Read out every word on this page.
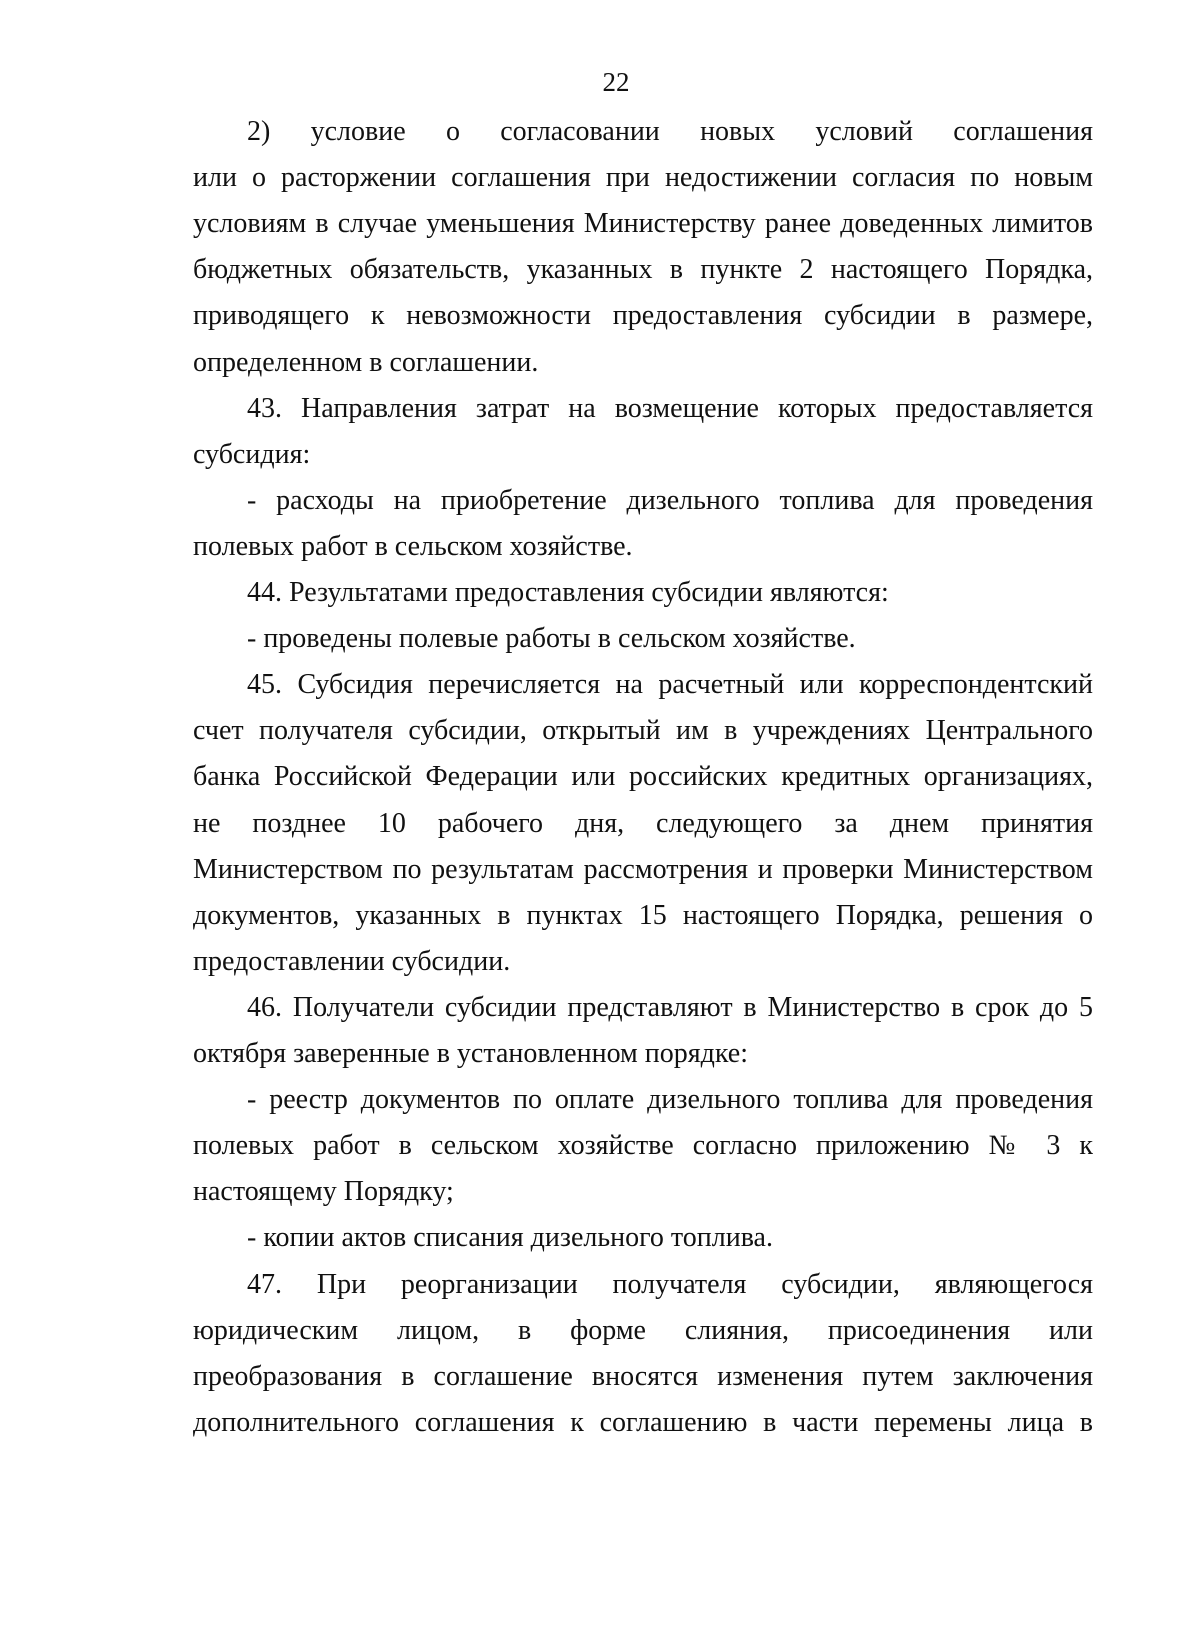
22
2) условие о согласовании новых условий соглашения
или о расторжении соглашения при недостижении согласия по новым
условиям в случае уменьшения Министерству ранее доведенных лимитов
бюджетных обязательств, указанных в пункте 2 настоящего Порядка,
приводящего к невозможности предоставления субсидии в размере,
определенном в соглашении.
43. Направления затрат на возмещение которых предоставляется
субсидия:
- расходы на приобретение дизельного топлива для проведения
полевых работ в сельском хозяйстве.
44. Результатами предоставления субсидии являются:
- проведены полевые работы в сельском хозяйстве.
45. Субсидия перечисляется на расчетный или корреспондентский
счет получателя субсидии, открытый им в учреждениях Центрального
банка Российской Федерации или российских кредитных организациях,
не позднее 10 рабочего дня, следующего за днем принятия
Министерством по результатам рассмотрения и проверки Министерством
документов, указанных в пунктах 15 настоящего Порядка, решения о
предоставлении субсидии.
46. Получатели субсидии представляют в Министерство в срок до 5
октября заверенные в установленном порядке:
- реестр документов по оплате дизельного топлива для проведения
полевых работ в сельском хозяйстве согласно приложению № 3 к
настоящему Порядку;
- копии актов списания дизельного топлива.
47. При реорганизации получателя субсидии, являющегося
юридическим лицом, в форме слияния, присоединения или
преобразования в соглашение вносятся изменения путем заключения
дополнительного соглашения к соглашению в части перемены лица в
